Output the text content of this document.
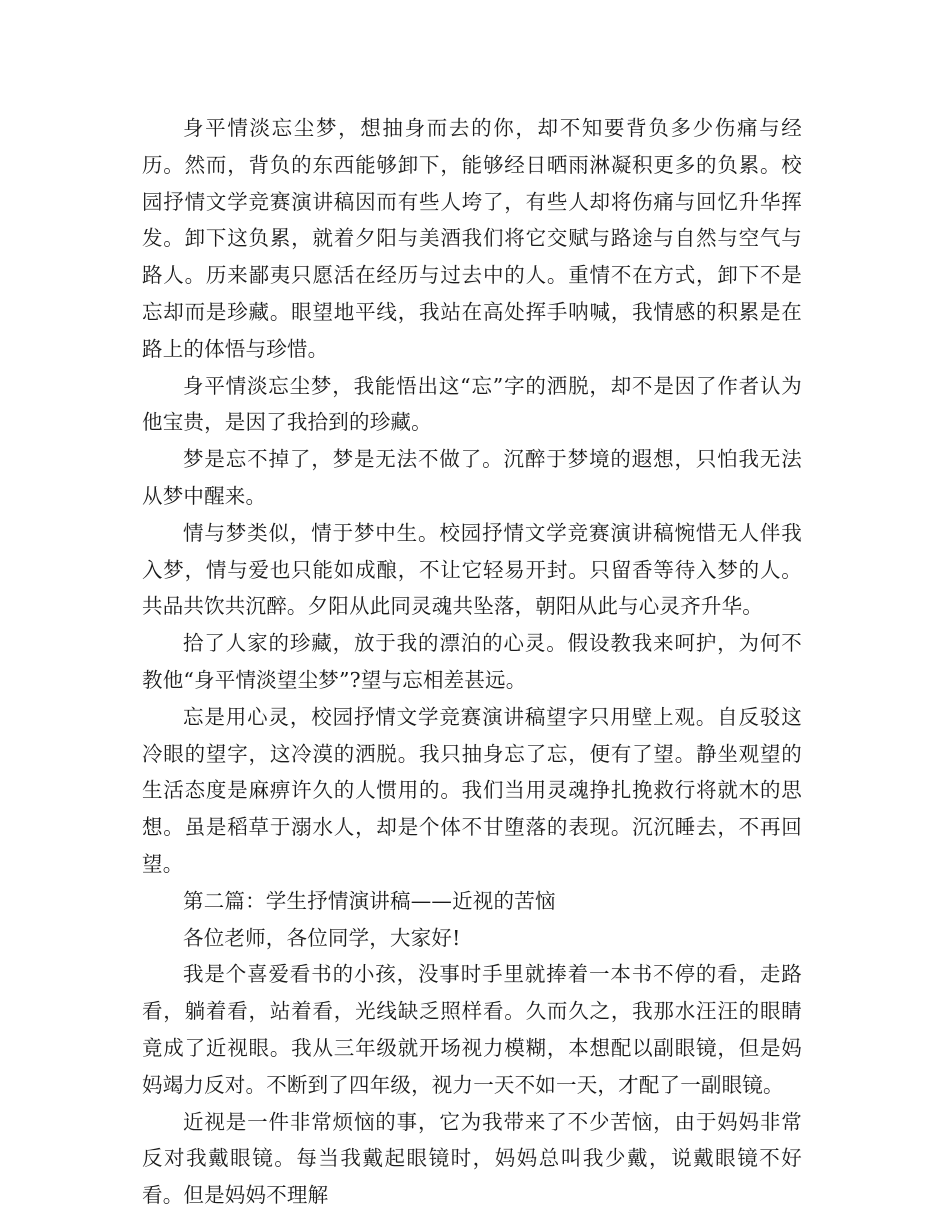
身平情淡忘尘梦，想抽身而去的你，却不知要背负多少伤痛与经历。然而，背负的东西能够卸下，能够经日晒雨淋凝积更多的负累。校园抒情文学竞赛演讲稿因而有些人垮了，有些人却将伤痛与回忆升华挥发。卸下这负累，就着夕阳与美酒我们将它交赋与路途与自然与空气与路人。历来鄙夷只愿活在经历与过去中的人。重情不在方式，卸下不是忘却而是珍藏。眼望地平线，我站在高处挥手呐喊，我情感的积累是在路上的体悟与珍惜。

身平情淡忘尘梦，我能悟出这“忘”字的洒脱，却不是因了作者认为他宝贵，是因了我拾到的珍藏。

梦是忘不掉了，梦是无法不做了。沉醉于梦境的遐想，只怕我无法从梦中醒来。

情与梦类似，情于梦中生。校园抒情文学竞赛演讲稿惋惜无人伴我入梦，情与爱也只能如成酿，不让它轻易开封。只留香等待入梦的人。共品共饮共沉醉。夕阳从此同灵魂共坠落，朝阳从此与心灵齐升华。

拾了人家的珍藏，放于我的漂泊的心灵。假设教我来呵护，为何不教他“身平情淡望尘梦”?望与忘相差甚远。

忘是用心灵，校园抒情文学竞赛演讲稿望字只用壁上观。自反驳这冷眼的望字，这冷漠的洒脱。我只抽身忘了忘，便有了望。静坐观望的生活态度是麻痹许久的人惯用的。我们当用灵魂挣扎挽救行将就木的思想。虽是稻草于溺水人，却是个体不甘堕落的表现。沉沉睡去，不再回望。

第二篇：学生抒情演讲稿——近视的苦恼

各位老师，各位同学，大家好!

我是个喜爱看书的小孩，没事时手里就捧着一本书不停的看，走路看，躺着看，站着看，光线缺乏照样看。久而久之，我那水汪汪的眼睛竟成了近视眼。我从三年级就开场视力模糊，本想配以副眼镜，但是妈妈竭力反对。不断到了四年级，视力一天不如一天，才配了一副眼镜。

近视是一件非常烦恼的事，它为我带来了不少苦恼，由于妈妈非常反对我戴眼镜。每当我戴起眼镜时，妈妈总叫我少戴，说戴眼镜不好看。但是妈妈不理解
